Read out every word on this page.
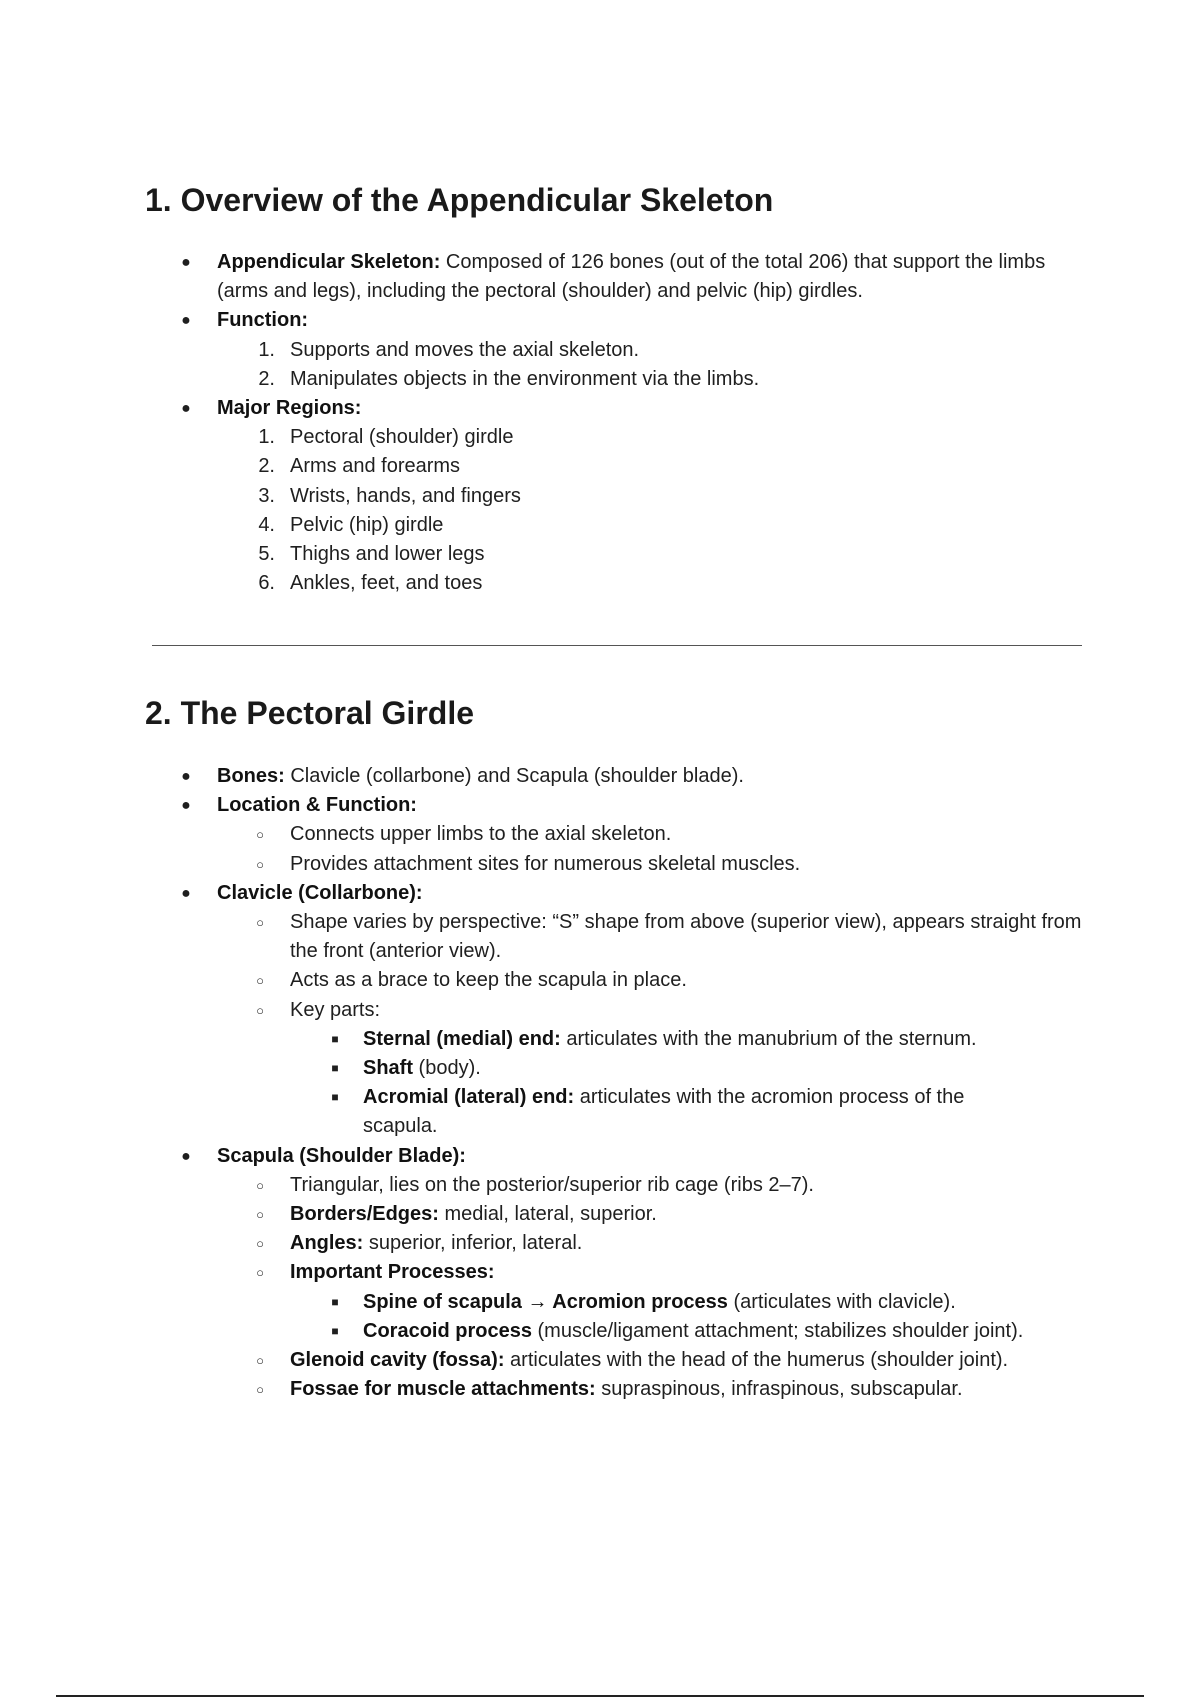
1. Overview of the Appendicular Skeleton
● Appendicular Skeleton: Composed of 126 bones (out of the total 206) that support the limbs (arms and legs), including the pectoral (shoulder) and pelvic (hip) girdles.
● Function:
1. Supports and moves the axial skeleton.
2. Manipulates objects in the environment via the limbs.
● Major Regions:
1. Pectoral (shoulder) girdle
2. Arms and forearms
3. Wrists, hands, and fingers
4. Pelvic (hip) girdle
5. Thighs and lower legs
6. Ankles, feet, and toes
2. The Pectoral Girdle
● Bones: Clavicle (collarbone) and Scapula (shoulder blade).
● Location & Function:
○	Connects upper limbs to the axial skeleton.
○	Provides attachment sites for numerous skeletal muscles.
● Clavicle (Collarbone):
○	Shape varies by perspective: “S” shape from above (superior view), appears straight from the front (anterior view).
○	Acts as a brace to keep the scapula in place.
○	Key parts:
■ Sternal (medial) end: articulates with the manubrium of the sternum.
■ Shaft (body).
■ Acromial (lateral) end: articulates with the acromion process of the scapula.
● Scapula (Shoulder Blade):
○	Triangular, lies on the posterior/superior rib cage (ribs 2–7).
○	Borders/Edges: medial, lateral, superior.
○	Angles: superior, inferior, lateral.
○	Important Processes:
■ Spine of scapula → Acromion process (articulates with clavicle).
■ Coracoid process (muscle/ligament attachment; stabilizes shoulder joint).
○	Glenoid cavity (fossa): articulates with the head of the humerus (shoulder joint).
○	Fossae for muscle attachments: supraspinous, infraspinous, subscapular.
